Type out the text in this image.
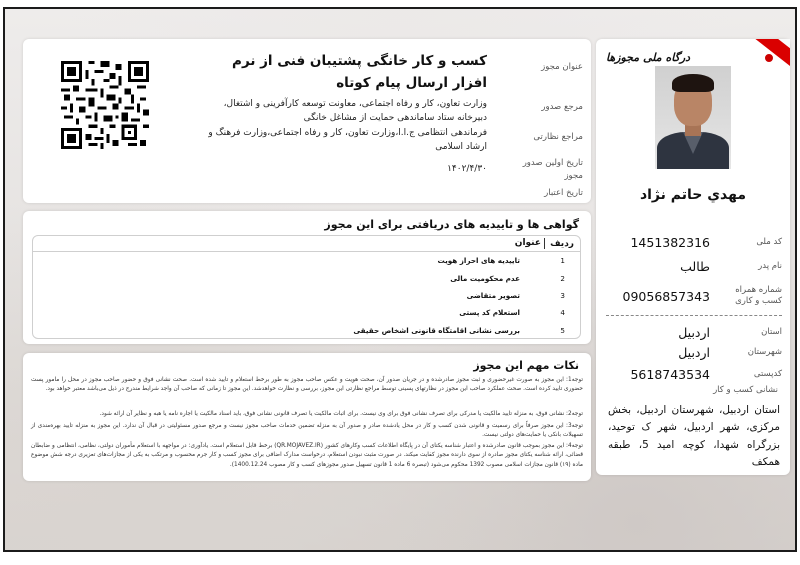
درگاه ملی مجوزها
مهدي حاتم نژاد
کد ملی
1451382316
نام پدر
طالب
شماره همراه کسب و کاری
09056857343
استان
اردبیل
شهرستان
اردبیل
کدپستی
5618743534
نشانی کسب و کار
استان اردبیل، شهرستان اردبیل، بخش مرکزی، شهر اردبیل، شهر ک توحید، بزرگراه شهدا، کوچه امید 5، طبقه همکف
عنوان مجوز
مرجع صدور
مراجع نظارتی
تاریخ اولین صدور مجوز
تاریخ اعتبار
کسب و کار خانگی پشتیبان فنی از نرم افزار ارسال پیام کوتاه
وزارت تعاون، کار و رفاه اجتماعی، معاونت توسعه کارآفرینی و اشتغال، دبیرخانه ستاد ساماندهی حمایت از مشاغل خانگی
فرماندهی انتظامی ج.ا.ا،وزارت تعاون، کار و رفاه اجتماعی،وزارت فرهنگ و ارشاد اسلامی
۱۴۰۲/۴/۳۰
گواهی ها و تاییدیه های دریافتی برای این مجوز
ردیف
عنوان
1
تاییدیه های احراز هویت
2
عدم محکومیت مالی
3
تصویر متقاضی
4
استعلام کد پستی
5
بررسی نشانی اقامتگاه قانونی اشخاص حقیقی
نکات مهم این مجوز
توجه1: این مجوز به صورت غیرحضوری و ثبت مجوز صادرشده و در جریان صدور آن، صحت هویت و عکس صاحب مجوز به طور برخط استعلام و تایید شده است. صحت نشانی فوق و حضور صاحب مجوز در محل را مامور پست حضوری تایید کرده است. صحت عملکرد صاحب این مجوز در نظارتهای پسینی توسط مراجع نظارتی این مجوز، بررسی و نظارت خواهدشد. این مجوز تا زمانی که صاحب آن واجد شرایط مندرج در ذیل می‌باشد معتبر خواهد بود.
توجه2: نشانی فوق، به منزله تایید مالکیت یا مدرکی برای تصرف نشانی فوق برای وی نیست. برای اثبات مالکیت یا تصرف قانونی نشانی فوق، باید اسناد مالکیت یا اجاره نامه یا هبه و نظایر آن ارائه شود.
توجه3: این مجوز صرفاً برای رسمیت و قانونی شدن کسب و کار در محل یادشده صادر و صدور آن به منزله تضمین خدمات صاحب مجوز نیست و مرجع صدور مسئولیتی در قبال آن ندارد. این مجوز به منزله تایید بهره‌مندی از تسهیلات بانکی یا حمایت‌های دولتی نیست.
توجه4: این مجوز بموجب قانون صادرشده و اعتبار شناسه یکتای آن در پایگاه اطلاعات کسب وکارهای کشور (QR.MOJAVEZ.IR) برخط قابل استعلام است. یادآوری: در مواجهه با استعلام مأموران دولتی، نظامی، انتظامی و ضابطان قضائی، ارائه شناسه یکتای مجوز صادره از سوی دارنده مجوز کفایت میکند. در صورت مثبت نبودن استعلام، درخواست مدارک اضافی برای مجوز کسب و کار جرم محسوب و مرتکب به یکی از مجازات‌های تعزیری درجه شش موضوع ماده (۱۹) قانون مجازات اسلامی مصوب 1392 محکوم می‌شود (تبصره 6 ماده 1 قانون تسهیل صدور مجوزهای کسب و کار مصوب 1400.12.24).
